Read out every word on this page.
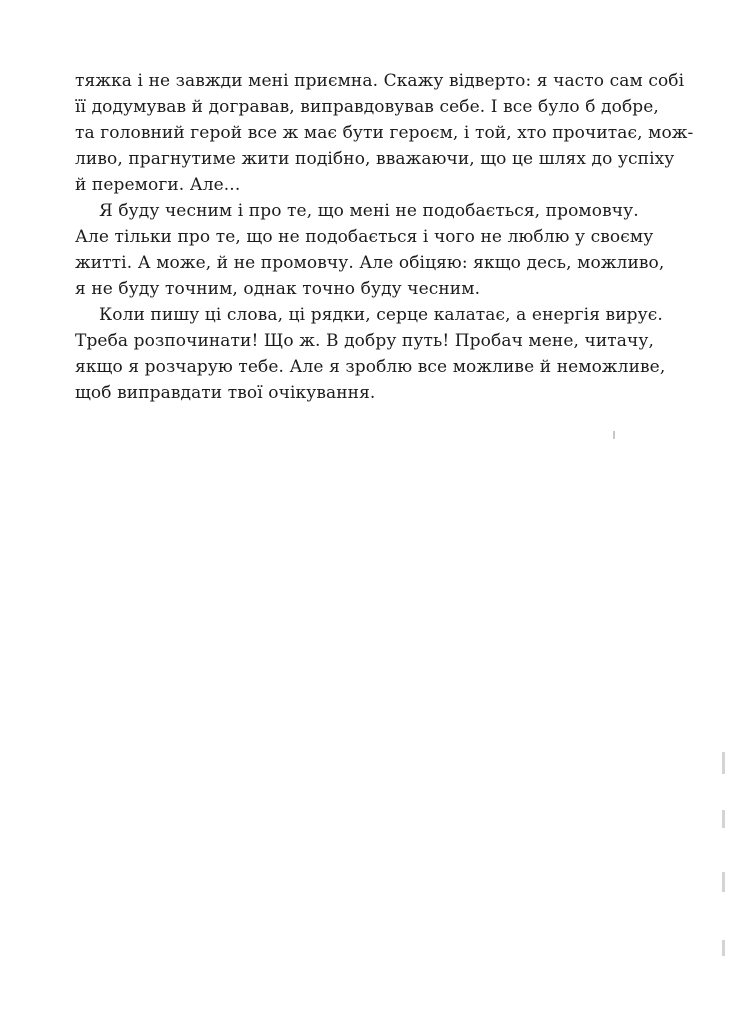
тяжка і не завжди мені приємна. Скажу відверто: я часто сам собі
її додумував й догравав, виправдовував себе. І все було б добре,
та головний герой все ж має бути героєм, і той, хто прочитає, мож-
ливо, прагнутиме жити подібно, вважаючи, що це шлях до успіху
й перемоги. Але...
Я буду чесним і про те, що мені не подобається, промовчу.
Але тільки про те, що не подобається і чого не люблю у своєму
житті. А може, й не промовчу. Але обіцяю: якщо десь, можливо,
я не буду точним, однак точно буду чесним.
Коли пишу ці слова, ці рядки, серце калатає, а енергія вирує.
Треба розпочинати! Що ж. В добру путь! Пробач мене, читачу,
якщо я розчарую тебе. Але я зроблю все можливе й неможливе,
щоб виправдати твої очікування.
